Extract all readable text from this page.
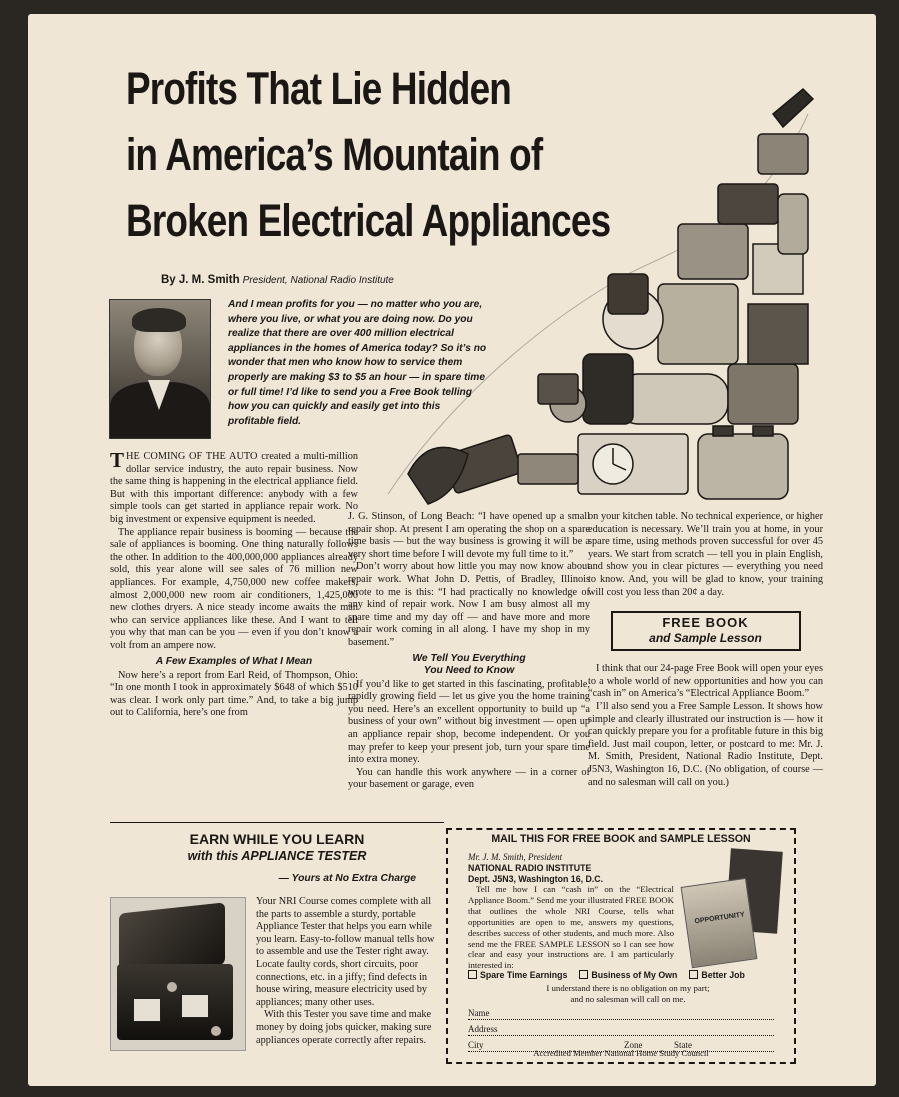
Profits That Lie Hidden
in America’s Mountain of
Broken Electrical Appliances
By J. M. Smith President, National Radio Institute
And I mean profits for you — no matter who you are, where you live, or what you are doing now. Do you realize that there are over 400 million electrical appliances in the homes of America today? So it’s no wonder that men who know how to service them properly are making $3 to $5 an hour — in spare time or full time! I’d like to send you a Free Book telling how you can quickly and easily get into this profitable field.

THE COMING OF THE AUTO created a multi-million dollar service industry, the auto repair business. Now the same thing is happening in the electrical appliance field. But with this important difference: anybody with a few simple tools can get started in appliance repair work. No big investment or expensive equipment is needed.

The appliance repair business is booming — because the sale of appliances is booming. One thing naturally follows the other. In addition to the 400,000,000 appliances already sold, this year alone will see sales of 76 million new appliances. For example, 4,750,000 new coffee makers, almost 2,000,000 new room air conditioners, 1,425,000 new clothes dryers. A nice steady income awaits the man who can service appliances like these. And I want to tell you why that man can be you — even if you don’t know a volt from an ampere now.

A Few Examples of What I Mean

Now here’s a report from Earl Reid, of Thompson, Ohio: “In one month I took in approximately $648 of which $510 was clear. I work only part time.” And, to take a big jump out to California, here’s one from

J. G. Stinson, of Long Beach: “I have opened up a small repair shop. At present I am operating the shop on a spare time basis — but the way business is growing it will be a very short time before I will devote my full time to it.”

Don’t worry about how little you may now know about repair work. What John D. Pettis, of Bradley, Illinois wrote to me is this: “I had practically no knowledge of any kind of repair work. Now I am busy almost all my spare time and my day off — and have more and more repair work coming in all along. I have my shop in my basement.”

We Tell You Everything
You Need to Know

If you’d like to get started in this fascinating, profitable, rapidly growing field — let us give you the home training you need. Here’s an excellent opportunity to build up “a business of your own” without big investment — open up an appliance repair shop, become independent. Or you may prefer to keep your present job, turn your spare time into extra money.

You can handle this work anywhere — in a corner of your basement or garage, even

on your kitchen table. No technical experience, or higher education is necessary. We’ll train you at home, in your spare time, using methods proven successful for over 45 years. We start from scratch — tell you in plain English, and show you in clear pictures — everything you need to know. And, you will be glad to know, your training will cost you less than 20¢ a day.

FREE BOOK
and Sample Lesson

I think that our 24-page Free Book will open your eyes to a whole world of new opportunities and how you can “cash in” on America’s “Electrical Appliance Boom.”

I’ll also send you a Free Sample Lesson. It shows how simple and clearly illustrated our instruction is — how it can quickly prepare you for a profitable future in this big field. Just mail coupon, letter, or postcard to me: Mr. J. M. Smith, President, National Radio Institute, Dept. J5N3, Washington 16, D.C. (No obligation, of course — and no salesman will call on you.)

EARN WHILE YOU LEARN
with this APPLIANCE TESTER
— Yours at No Extra Charge

Your NRI Course comes complete with all the parts to assemble a sturdy, portable Appliance Tester that helps you earn while you learn. Easy-to-follow manual tells how to assemble and use the Tester right away. Locate faulty cords, short circuits, poor connections, etc. in a jiffy; find defects in house wiring, measure electricity used by appliances; many other uses.

With this Tester you save time and make money by doing jobs quicker, making sure appliances operate correctly after repairs.

MAIL THIS FOR FREE BOOK and SAMPLE LESSON
Mr. J. M. Smith, President
NATIONAL RADIO INSTITUTE
Dept. J5N3, Washington 16, D.C.
Tell me how I can “cash in” on the “Electrical Appliance Boom.” Send me your illustrated FREE BOOK that outlines the whole NRI Course, tells what opportunities are open to me, answers my questions, describes success of other students, and much more. Also send me the FREE SAMPLE LESSON so I can see how clear and easy your instructions are. I am particularly interested in:
OPPORTUNITY
Spare Time Earnings	Business of My Own	Better Job
I understand there is no obligation on my part;
and no salesman will call on me.
Name
Address
City	Zone	State
Accredited Member National Home Study Council
